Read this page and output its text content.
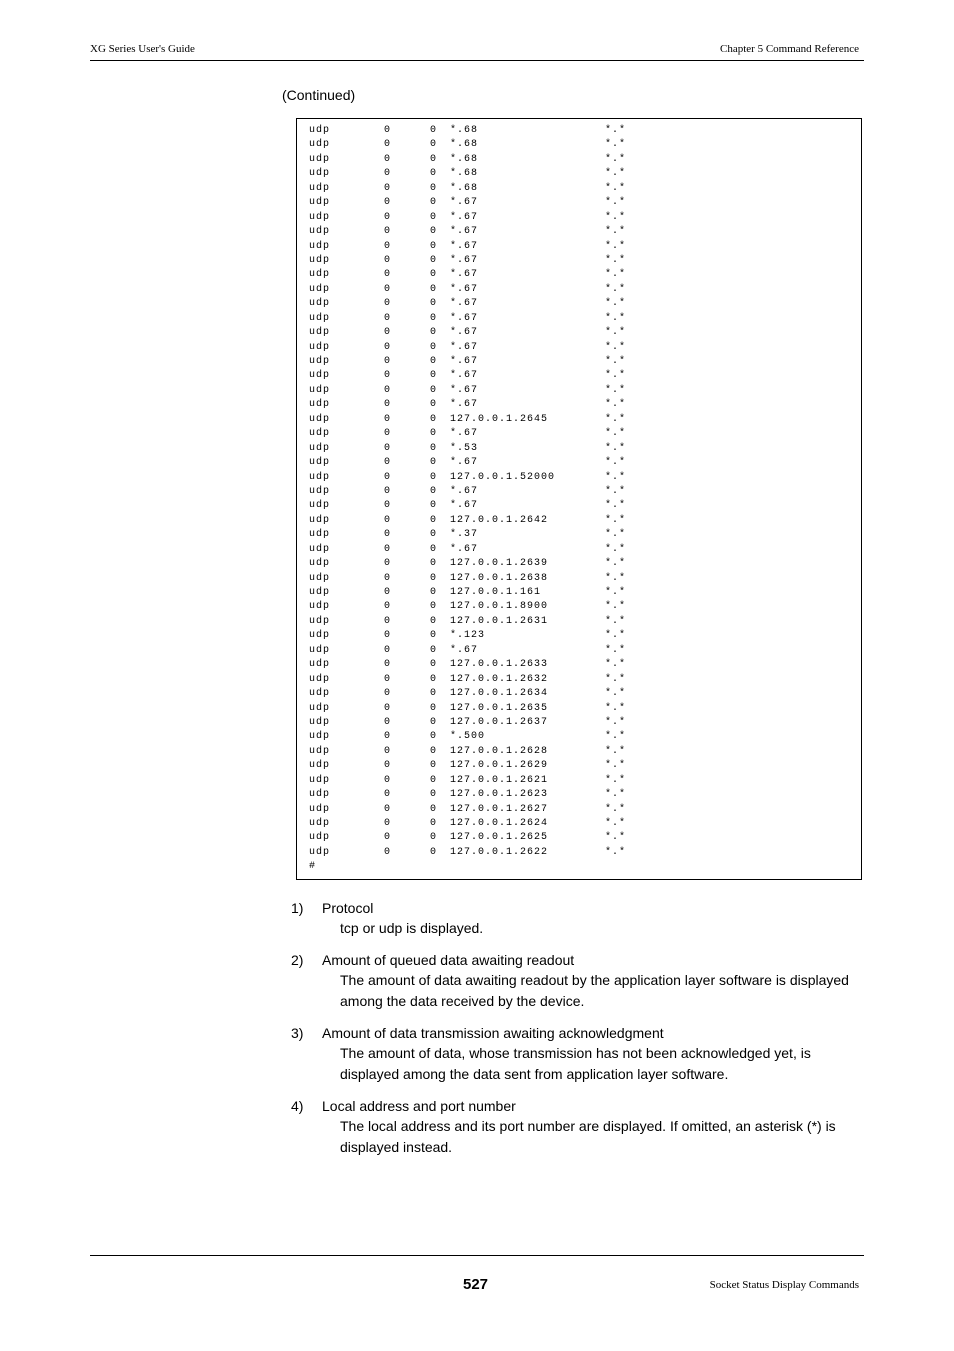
XG Series User's Guide	Chapter 5 Command Reference
(Continued)
udp	0	0 *.68	*.*
udp	0	0 *.68	*.*
udp	0	0 *.68	*.*
udp	0	0 *.68	*.*
udp	0	0 *.68	*.*
udp	0	0 *.67	*.*
udp	0	0 *.67	*.*
udp	0	0 *.67	*.*
udp	0	0 *.67	*.*
udp	0	0 *.67	*.*
udp	0	0 *.67	*.*
udp	0	0 *.67	*.*
udp	0	0 *.67	*.*
udp	0	0 *.67	*.*
udp	0	0 *.67	*.*
udp	0	0 *.67	*.*
udp	0	0 *.67	*.*
udp	0	0 *.67	*.*
udp	0	0 *.67	*.*
udp	0	0 *.67	*.*
udp	0	0 127.0.0.1.2645	*.*
udp	0	0 *.67	*.*
udp	0	0 *.53	*.*
udp	0	0 *.67	*.*
udp	0	0 127.0.0.1.52000	*.*
udp	0	0 *.67	*.*
udp	0	0 *.67	*.*
udp	0	0 127.0.0.1.2642	*.*
udp	0	0 *.37	*.*
udp	0	0 *.67	*.*
udp	0	0 127.0.0.1.2639	*.*
udp	0	0 127.0.0.1.2638	*.*
udp	0	0 127.0.0.1.161	*.*
udp	0	0 127.0.0.1.8900	*.*
udp	0	0 127.0.0.1.2631	*.*
udp	0	0 *.123	*.*
udp	0	0 *.67	*.*
udp	0	0 127.0.0.1.2633	*.*
udp	0	0 127.0.0.1.2632	*.*
udp	0	0 127.0.0.1.2634	*.*
udp	0	0 127.0.0.1.2635	*.*
udp	0	0 127.0.0.1.2637	*.*
udp	0	0 *.500	*.*
udp	0	0 127.0.0.1.2628	*.*
udp	0	0 127.0.0.1.2629	*.*
udp	0	0 127.0.0.1.2621	*.*
udp	0	0 127.0.0.1.2623	*.*
udp	0	0 127.0.0.1.2627	*.*
udp	0	0 127.0.0.1.2624	*.*
udp	0	0 127.0.0.1.2625	*.*
udp	0	0 127.0.0.1.2622	*.*
#
1) Protocol
tcp or udp is displayed.
2) Amount of queued data awaiting readout
The amount of data awaiting readout by the application layer software is displayed among the data received by the device.
3) Amount of data transmission awaiting acknowledgment
The amount of data, whose transmission has not been acknowledged yet, is displayed among the data sent from application layer software.
4) Local address and port number
The local address and its port number are displayed. If omitted, an asterisk (*) is displayed instead.
527	Socket Status Display Commands
